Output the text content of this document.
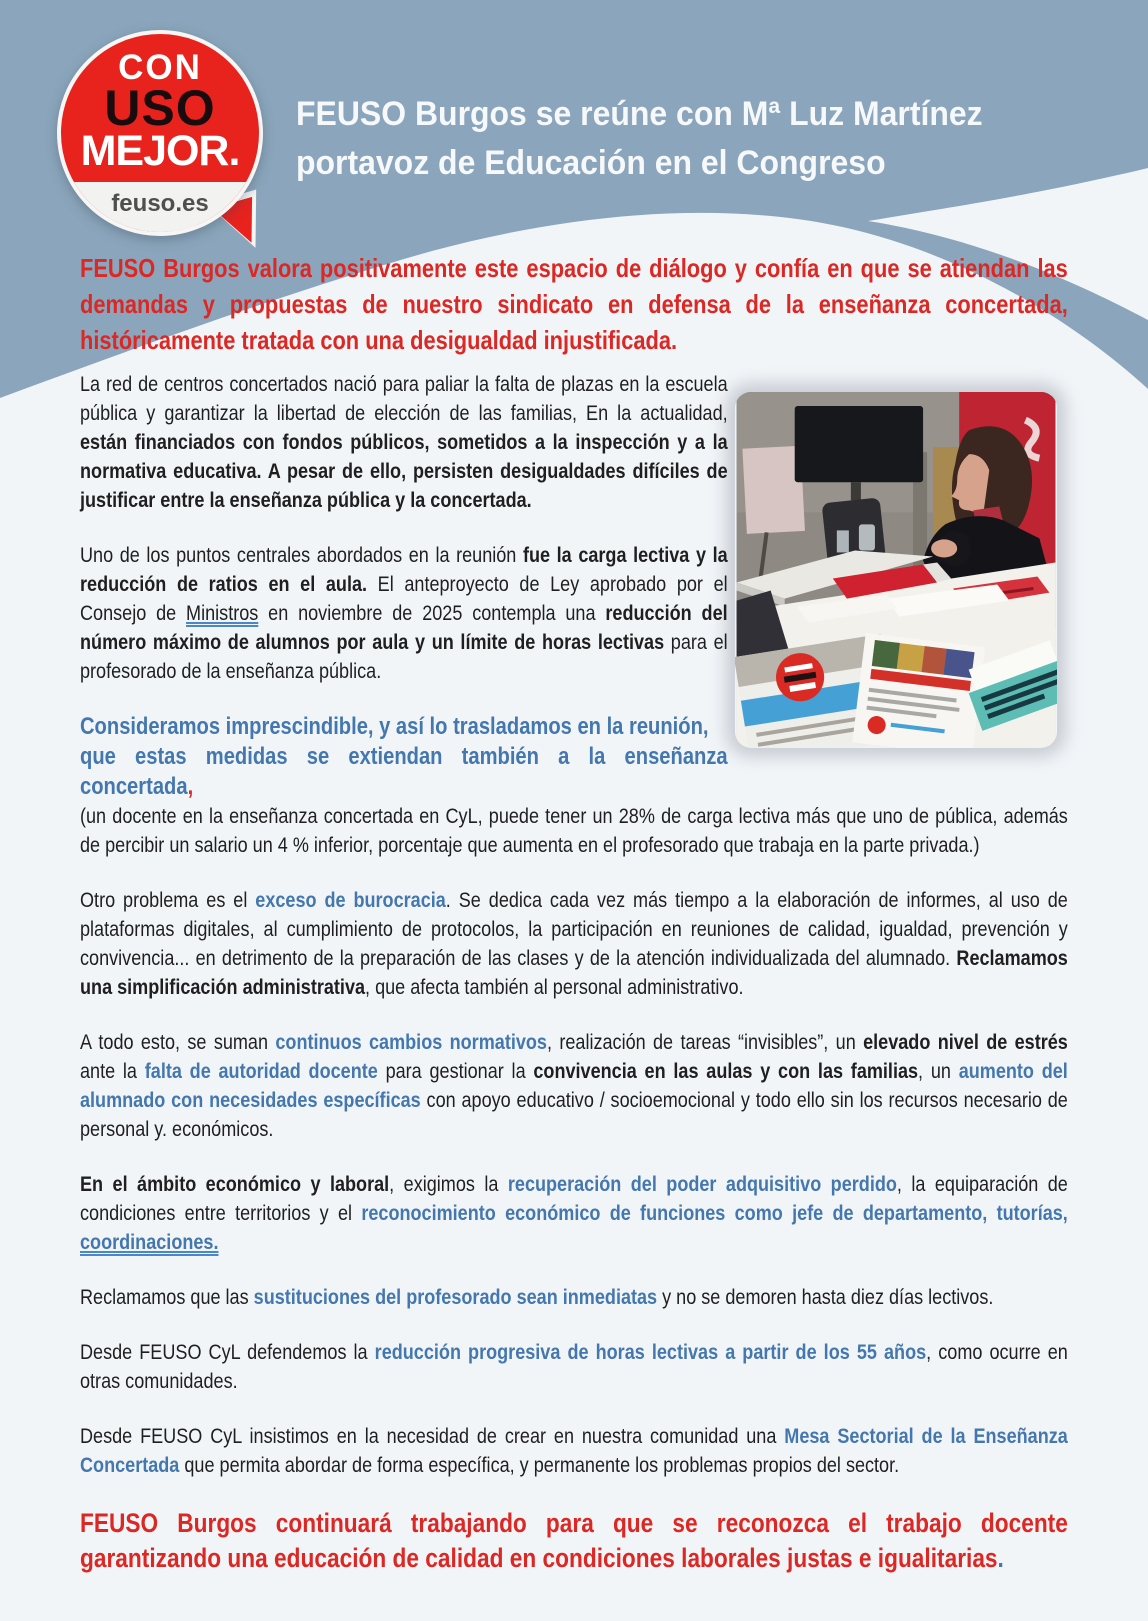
CON
USO
MEJOR.
feuso.es
FEUSO Burgos se reúne con Mª Luz Martínez
portavoz de Educación en el Congreso
FEUSO Burgos valora positivamente este espacio de diálogo y confía en que se atiendan las demandas y propuestas de nuestro sindicato en defensa de la enseñanza concertada, históricamente tratada con una desigualdad injustificada.

La red de centros concertados nació para paliar la falta de plazas en la escuela pública y garantizar la libertad de elección de las familias, En la actualidad, están financiados con fondos públicos, sometidos a la inspección y a la normativa educativa. A pesar de ello, persisten desigualdades difíciles de justificar entre la enseñanza pública y la concertada.

Uno de los puntos centrales abordados en la reunión fue la carga lectiva y la reducción de ratios en el aula. El anteproyecto de Ley aprobado por el Consejo de Ministros en noviembre de 2025 contempla una reducción del número máximo de alumnos por aula y un límite de horas lectivas para el profesorado de la enseñanza pública.

Consideramos imprescindible, y así lo trasladamos en la reunión,
que estas medidas se extiendan también a la enseñanza concertada,
(un docente en la enseñanza concertada en CyL, puede tener un 28% de carga lectiva más que uno de pública, además de percibir un salario un 4 % inferior, porcentaje que aumenta en el profesorado que trabaja en la parte privada.)

Otro problema es el exceso de burocracia. Se dedica cada vez más tiempo a la elaboración de informes, al uso de plataformas digitales, al cumplimiento de protocolos, la participación en reuniones de calidad, igualdad, prevención y convivencia... en detrimento de la preparación de las clases y de la atención individualizada del alumnado. Reclamamos una simplificación administrativa, que afecta también al personal administrativo.

A todo esto, se suman continuos cambios normativos, realización de tareas “invisibles”, un elevado nivel de estrés ante la falta de autoridad docente para gestionar la convivencia en las aulas y con las familias, un aumento del alumnado con necesidades específicas con apoyo educativo / socioemocional y todo ello sin los recursos necesario de personal y. económicos.

En el ámbito económico y laboral, exigimos la recuperación del poder adquisitivo perdido, la equiparación de condiciones entre territorios y el reconocimiento económico de funciones como jefe de departamento, tutorías, coordinaciones.

Reclamamos que las sustituciones del profesorado sean inmediatas y no se demoren hasta diez días lectivos.

Desde FEUSO CyL defendemos la reducción progresiva de horas lectivas a partir de los 55 años, como ocurre en otras comunidades.

Desde FEUSO CyL insistimos en la necesidad de crear en nuestra comunidad una Mesa Sectorial de la Enseñanza Concertada que permita abordar de forma específica, y permanente los problemas propios del sector.

FEUSO Burgos continuará trabajando para que se reconozca el trabajo docente garantizando una educación de calidad en condiciones laborales justas e igualitarias.
